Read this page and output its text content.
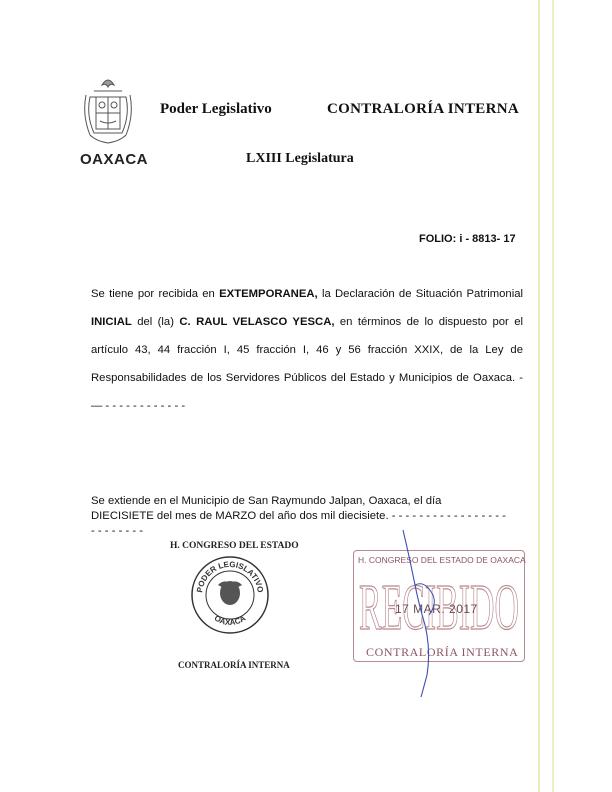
OAXACA
Poder Legislativo	CONTRALORÍA INTERNA
LXIII Legislatura
FOLIO: i - 8813- 17
Se tiene por recibida en EXTEMPORANEA, la Declaración de Situación Patrimonial INICIAL del (la) C. RAUL VELASCO YESCA, en términos de lo dispuesto por el artículo 43, 44 fracción I, 45 fracción I, 46 y 56 fracción XXIX, de la Ley de Responsabilidades de los Servidores Públicos del Estado y Municipios de Oaxaca. - — - - - - - - - - - - - -
Se extiende en el Municipio de San Raymundo Jalpan, Oaxaca, el día
DIECISIETE del mes de MARZO del año dos mil diecisiete. - - - - - - - - - - - - - - - - -
- - - - - - - -
H. CONGRESO DEL ESTADO
PODER LEGISLATIVO
OAXACA
CONTRALORÍA INTERNA
H. CONGRESO DEL ESTADO DE OAXACA
RECIBIDO
17 MAR. 2017
CONTRALORÍA INTERNA
